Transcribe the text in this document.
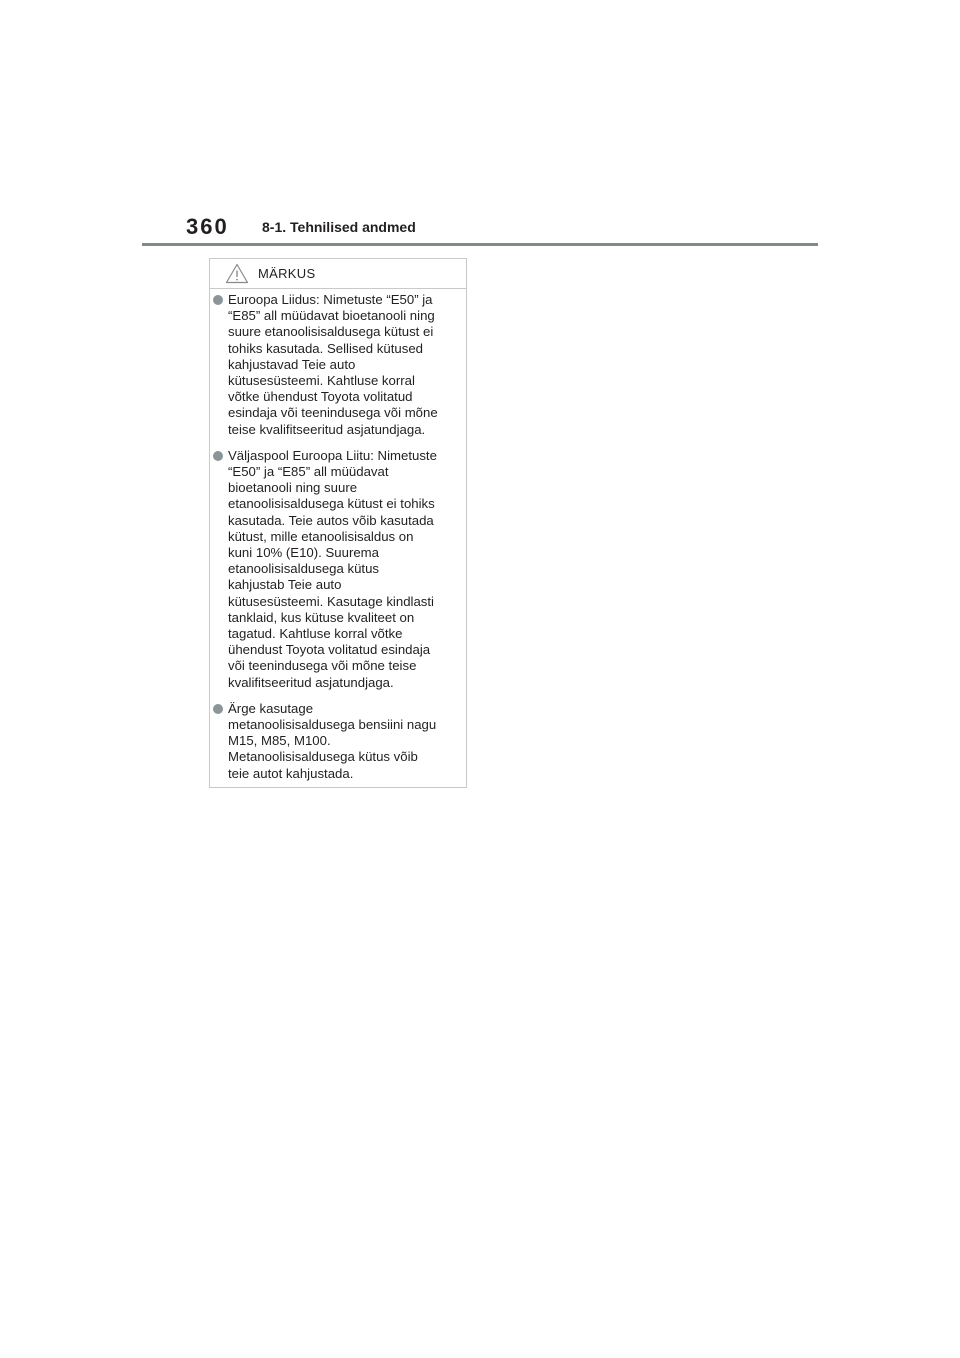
360 8-1. Tehnilised andmed
MÄRKUS
Euroopa Liidus: Nimetuste “E50” ja
“E85” all müüdavat bioetanooli ning
suure etanoolisisaldusega kütust ei
tohiks kasutada. Sellised kütused
kahjustavad Teie auto
kütusesüsteemi. Kahtluse korral
võtke ühendust Toyota volitatud
esindaja või teenindusega või mõne
teise kvalifitseeritud asjatundjaga.
Väljaspool Euroopa Liitu: Nimetuste
“E50” ja “E85” all müüdavat
bioetanooli ning suure
etanoolisisaldusega kütust ei tohiks
kasutada. Teie autos võib kasutada
kütust, mille etanoolisisaldus on
kuni 10% (E10). Suurema
etanoolisisaldusega kütus
kahjustab Teie auto
kütusesüsteemi. Kasutage kindlasti
tanklaid, kus kütuse kvaliteet on
tagatud. Kahtluse korral võtke
ühendust Toyota volitatud esindaja
või teenindusega või mõne teise
kvalifitseeritud asjatundjaga.
Ärge kasutage
metanoolisisaldusega bensiini nagu
M15, M85, M100.
Metanoolisisaldusega kütus võib
teie autot kahjustada.
